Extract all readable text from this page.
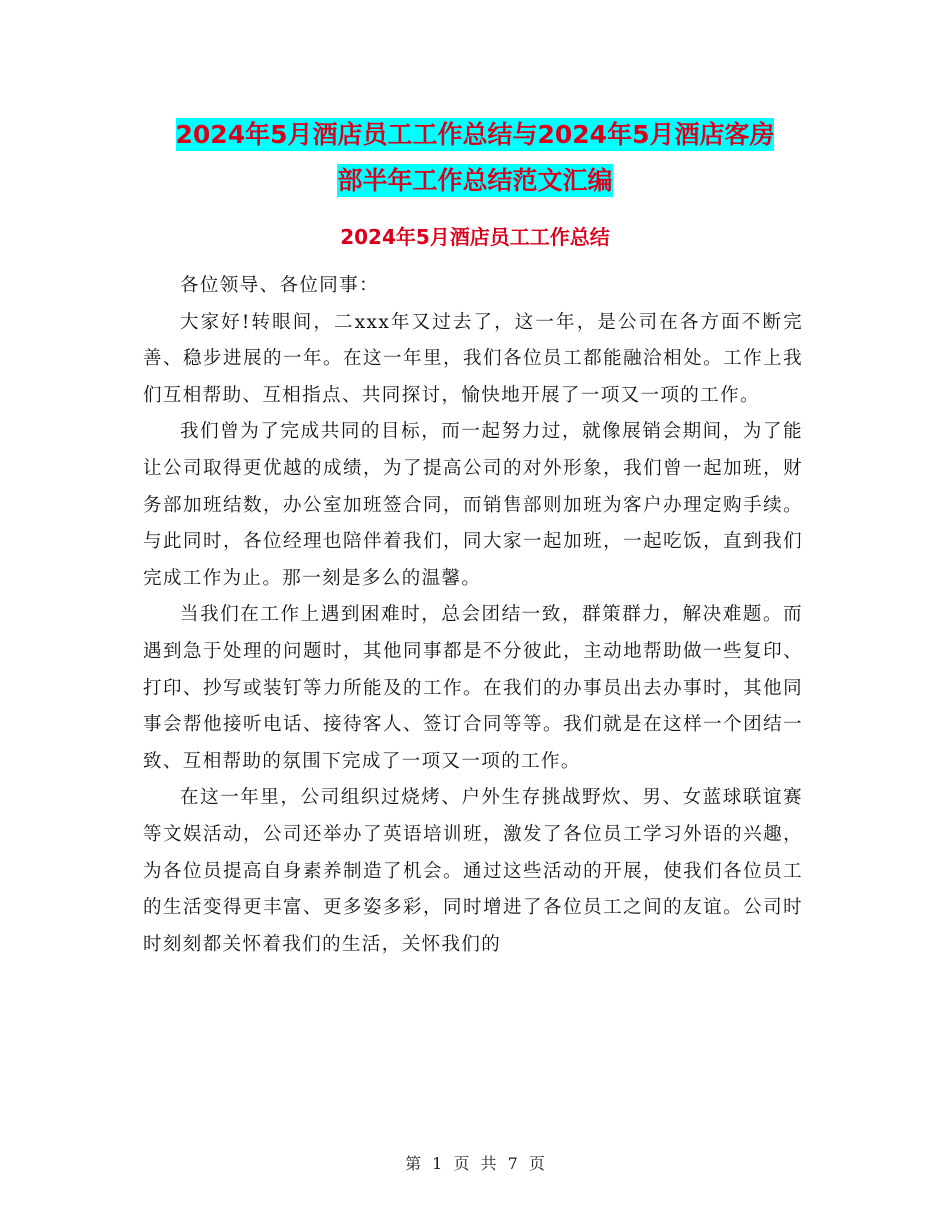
2024年5月酒店员工工作总结与2024年5月酒店客房
部半年工作总结范文汇编
2024年5月酒店员工工作总结

各位领导、各位同事：

大家好!转眼间，二xxx年又过去了，这一年，是公司在各方面不断完善、稳步进展的一年。在这一年里，我们各位员工都能融洽相处。工作上我们互相帮助、互相指点、共同探讨，愉快地开展了一项又一项的工作。

我们曾为了完成共同的目标，而一起努力过，就像展销会期间，为了能让公司取得更优越的成绩，为了提高公司的对外形象，我们曾一起加班，财务部加班结数，办公室加班签合同，而销售部则加班为客户办理定购手续。与此同时，各位经理也陪伴着我们，同大家一起加班，一起吃饭，直到我们完成工作为止。那一刻是多么的温馨。

当我们在工作上遇到困难时，总会团结一致，群策群力，解决难题。而遇到急于处理的问题时，其他同事都是不分彼此，主动地帮助做一些复印、打印、抄写或装钉等力所能及的工作。在我们的办事员出去办事时，其他同事会帮他接听电话、接待客人、签订合同等等。我们就是在这样一个团结一致、互相帮助的氛围下完成了一项又一项的工作。

在这一年里，公司组织过烧烤、户外生存挑战野炊、男、女蓝球联谊赛等文娱活动，公司还举办了英语培训班，激发了各位员工学习外语的兴趣，为各位员提高自身素养制造了机会。通过这些活动的开展，使我们各位员工的生活变得更丰富、更多姿多彩，同时增进了各位员工之间的友谊。公司时时刻刻都关怀着我们的生活，关怀我们的

第 1 页 共 7 页
